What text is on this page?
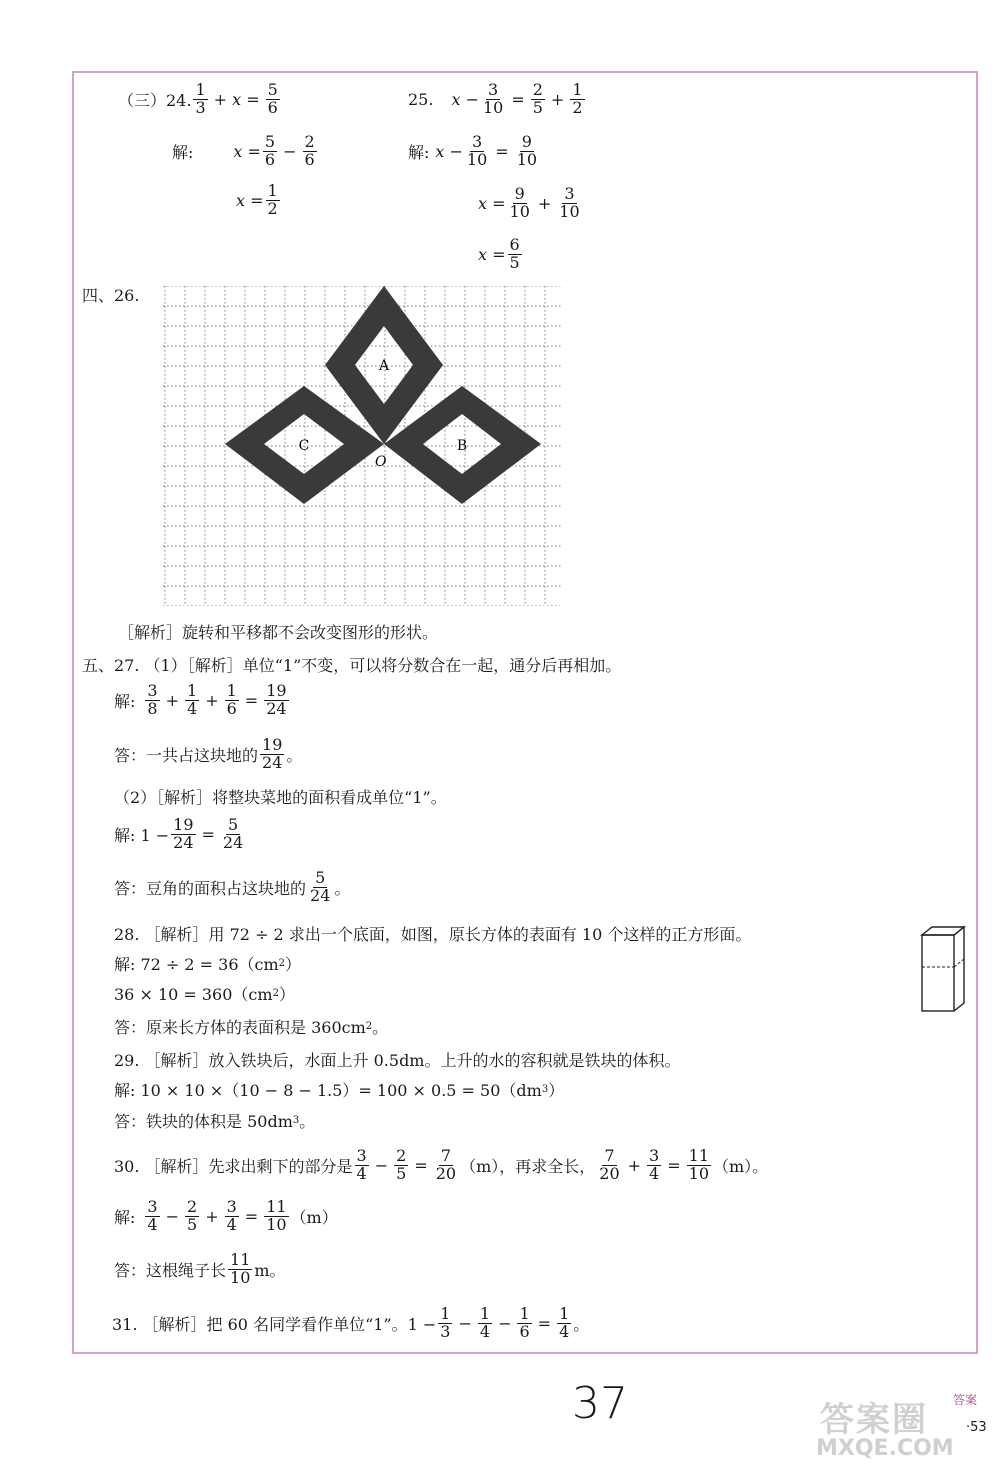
（三）24. $\frac{1}{3} + x = \frac{5}{6}$
解:	$x = \frac{5}{6} - \frac{2}{6}$
$x = \frac{1}{2}$
25. $x - \frac{3}{10} = \frac{2}{5} + \frac{1}{2}$
解: $x - \frac{3}{10} = \frac{9}{10}$
$x = \frac{9}{10} + \frac{3}{10}$
$x = \frac{6}{5}$
四、26.
A
B
C
O
［解析］旋转和平移都不会改变图形的形状。
五、27. （1）［解析］单位“1”不变，可以将分数合在一起，通分后再相加。
解: $\frac{3}{8} + \frac{1}{4} + \frac{1}{6} = \frac{19}{24}$
答：一共占这块地的 $\frac{19}{24}$ 。
（2）［解析］将整块菜地的面积看成单位“1”。
解: $1 - \frac{19}{24} = \frac{5}{24}$
答：豆角的面积占这块地的 $\frac{5}{24}$ 。
28. ［解析］用 72 ÷ 2 求出一个底面，如图，原长方体的表面有 10 个这样的正方形面。
解: 72 ÷ 2 = 36（cm 2 ）
36 × 10 = 360（cm 2 ）
答：原来长方体的表面积是 360cm 2 。
29. ［解析］放入铁块后，水面上升 0.5dm。上升的水的容积就是铁块的体积。
解: 10 × 10 ×（10 − 8 − 1.5）= 100 × 0.5 = 50（dm 3 ）
答：铁块的体积是 50dm 3 。
30. ［解析］先求出剩下的部分是 $\frac{3}{4} - \frac{2}{5} = \frac{7}{20} (m)$，再求全长， $\frac{7}{20} + \frac{3}{4} = \frac{11}{10} (m)$。
解: $\frac{3}{4} - \frac{2}{5} + \frac{3}{4} = \frac{11}{10} (m)$
答：这根绳子长 $\frac{11}{10}$ m。
31. ［解析］把 60 名同学看作单位“1”。$1 - \frac{1}{3} - \frac{1}{4} - \frac{1}{6} = \frac{1}{4}$ 。
37	答案圈
MXQE.COM
答案
·53
